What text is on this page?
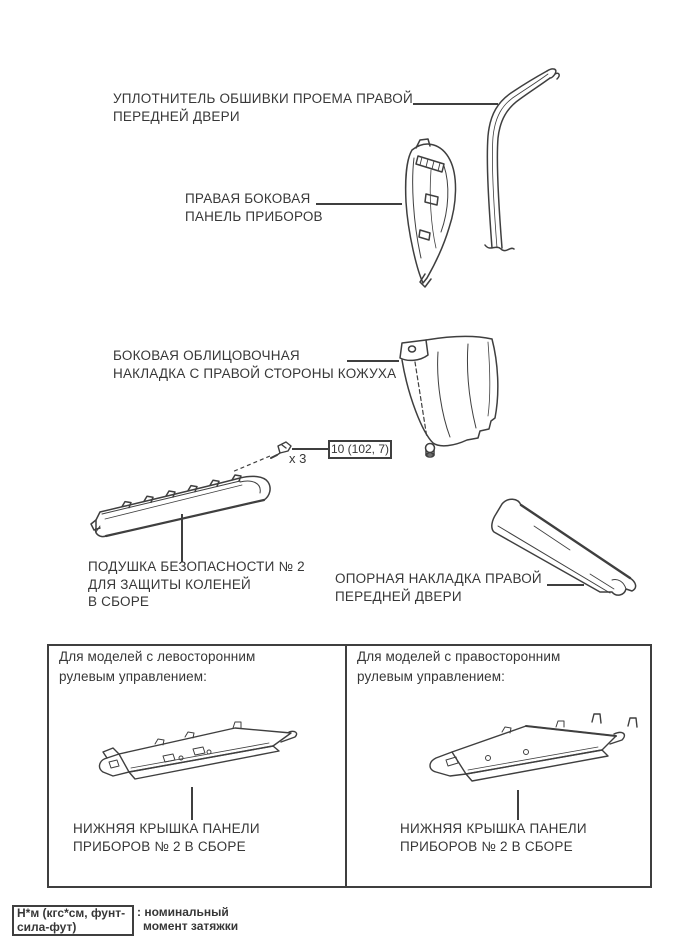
УПЛОТНИТЕЛЬ ОБШИВКИ ПРОЕМА ПРАВОЙ
ПЕРЕДНЕЙ ДВЕРИ
ПРАВАЯ БОКОВАЯ
ПАНЕЛЬ ПРИБОРОВ
БОКОВАЯ ОБЛИЦОВОЧНАЯ
НАКЛАДКА С ПРАВОЙ СТОРОНЫ КОЖУХА
10 (102, 7)
x 3
ПОДУШКА БЕЗОПАСНОСТИ № 2
ДЛЯ ЗАЩИТЫ КОЛЕНЕЙ
В СБОРЕ
ОПОРНАЯ НАКЛАДКА ПРАВОЙ
ПЕРЕДНЕЙ ДВЕРИ
Для моделей с левосторонним
рулевым управлением:
Для моделей с правосторонним
рулевым управлением:
НИЖНЯЯ КРЫШКА ПАНЕЛИ
ПРИБОРОВ № 2 В СБОРЕ
НИЖНЯЯ КРЫШКА ПАНЕЛИ
ПРИБОРОВ № 2 В СБОРЕ
Н*м (кгс*см, фунт-
сила-фут)
: номинальный
момент затяжки
